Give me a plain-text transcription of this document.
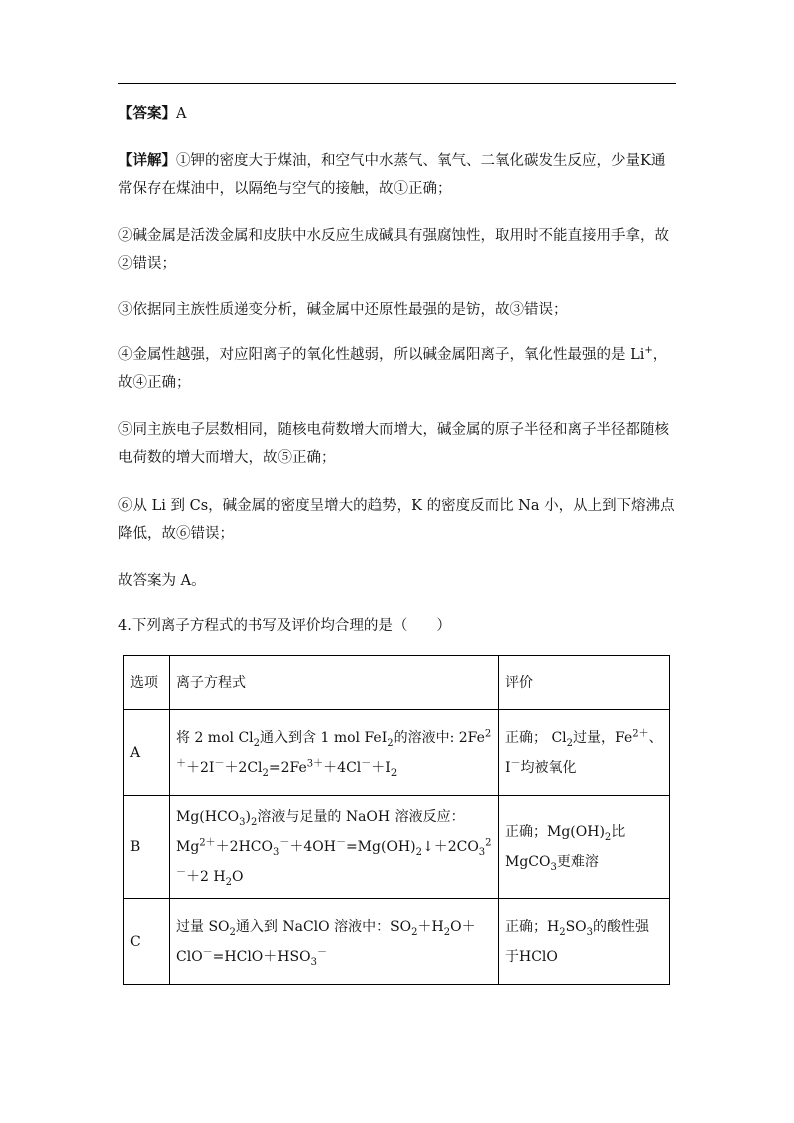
【答案】A

【详解】①钾的密度大于煤油，和空气中水蒸气、氧气、二氧化碳发生反应，少量K通常保存在煤油中，以隔绝与空气的接触，故①正确；

②碱金属是活泼金属和皮肤中水反应生成碱具有强腐蚀性，取用时不能直接用手拿，故②错误；

③依据同主族性质递变分析，碱金属中还原性最强的是钫，故③错误；

④金属性越强，对应阳离子的氧化性越弱，所以碱金属阳离子，氧化性最强的是 Li+，故④正确；

⑤同主族电子层数相同，随核电荷数增大而增大，碱金属的原子半径和离子半径都随核电荷数的增大而增大，故⑤正确；

⑥从 Li 到 Cs，碱金属的密度呈增大的趋势，K 的密度反而比 Na 小，从上到下熔沸点降低，故⑥错误；

故答案为 A。

4.下列离子方程式的书写及评价均合理的是（　　）

选项	离子方程式	评价
A	将 2 mol $Cl_2$通入到含 1 mol FeI$_2$的溶液中: $2Fe^{2+}+2I^-+2Cl_2=2Fe^{3+}+4Cl^-+I_2$	正确； $Cl_2$过量，$Fe^{2+}$、I－均被氧化
B	$Mg(HCO_3)_2$溶液与足量的 NaOH 溶液反应：$Mg^{2+}+2HCO_3^-+4OH^-=Mg(OH)_2↓+2CO_3^{2-}+2$ $H_2O$	正确；$Mg(OH)_2$比 MgCO$_3$更难溶
C	过量 $SO_2$通入到 NaClO 溶液中：$SO_2+H_2O+ClO^-=HClO+HSO_3^-$	正确；$H_2SO_3$的酸性强于HClO
